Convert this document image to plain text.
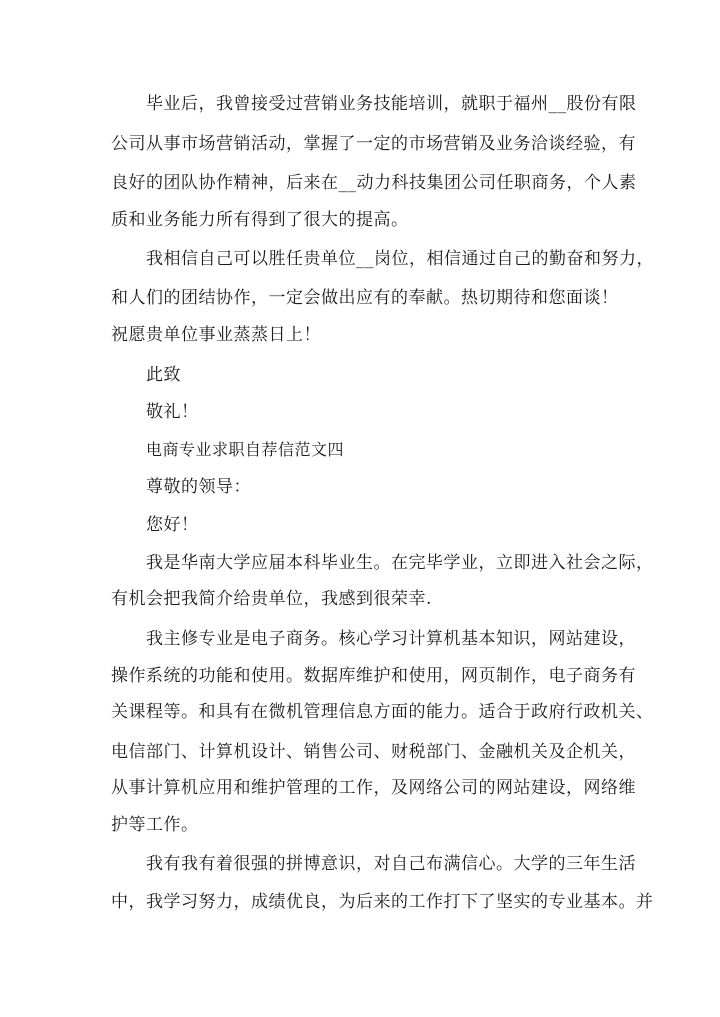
毕业后，我曾接受过营销业务技能培训，就职于福州__股份有限

公司从事市场营销活动，掌握了一定的市场营销及业务洽谈经验，有

良好的团队协作精神，后来在__动力科技集团公司任职商务，个人素

质和业务能力所有得到了很大的提高。

我相信自己可以胜任贵单位__岗位，相信通过自己的勤奋和努力，

和人们的团结协作，一定会做出应有的奉献。热切期待和您面谈！

祝愿贵单位事业蒸蒸日上！

此致

敬礼！

电商专业求职自荐信范文四

尊敬的领导：

您好！

我是华南大学应届本科毕业生。在完毕学业，立即进入社会之际，

有机会把我简介给贵单位，我感到很荣幸.

我主修专业是电子商务。核心学习计算机基本知识，网站建设，

操作系统的功能和使用。数据库维护和使用，网页制作，电子商务有

关课程等。和具有在微机管理信息方面的能力。适合于政府行政机关、

电信部门、计算机设计、销售公司、财税部门、金融机关及企机关，

从事计算机应用和维护管理的工作，及网络公司的网站建设，网络维

护等工作。

我有我有着很强的拼博意识，对自己布满信心。大学的三年生活

中，我学习努力，成绩优良，为后来的工作打下了坚实的专业基本。并
